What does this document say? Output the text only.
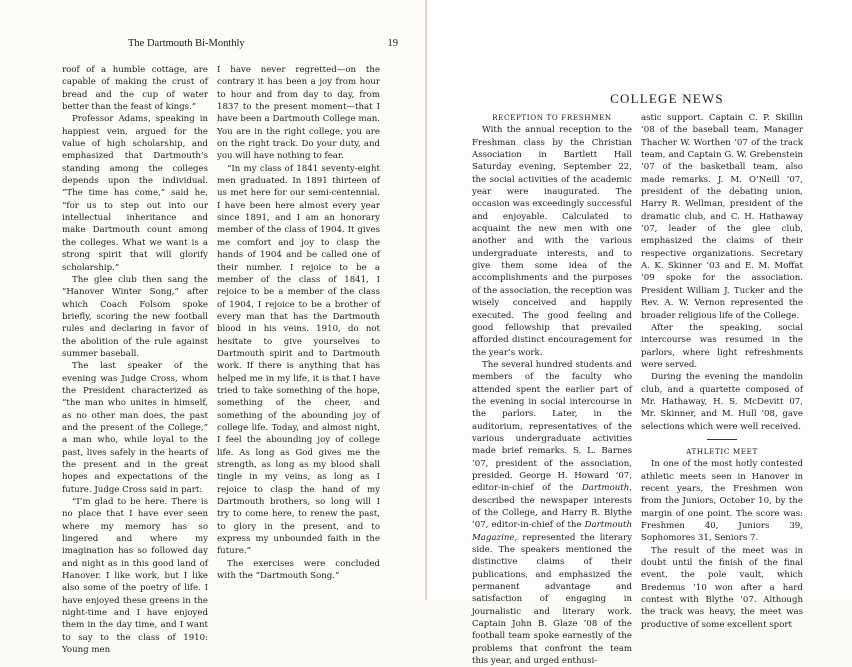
The Dartmouth Bi-Monthly	19

roof of a humble cottage, are capable of making the crust of bread and the cup of water better than the feast of kings.”

Professor Adams, speaking in happiest vein, argued for the value of high scholarship, and emphasized that Dartmouth’s standing among the colleges depends upon the individual. “The time has come,” said he, “for us to step out into our intellectual inheritance and make Dartmouth count among the colleges. What we want is a strong spirit that will glorify scholarship.”

The glee club then sang the “Hanover Winter Song,” after which Coach Folsom spoke briefly, scoring the new football rules and declaring in favor of the abolition of the rule against summer baseball.

The last speaker of the evening was Judge Cross, whom the President characterized as “the man who unites in himself, as no other man does, the past and the present of the College,” a man who, while loyal to the past, lives safely in the hearts of the present and in the great hopes and expectations of the future. Judge Cross said in part:

“I’m glad to be here. There is no place that I have ever seen where my memory has so lingered and where my imagination has so followed day and night as in this good land of Hanover. I like work, but I like also some of the poetry of life. I have enjoyed these greens in the night-time and I have enjoyed them in the day time, and I want to say to the class of 1910: Young men

I have never regretted—on the contrary it has been a joy from hour to hour and from day to day, from 1837 to the present moment—that I have been a Dartmouth College man. You are in the right college, you are on the right track. Do your duty, and you will have nothing to fear.

“In my class of 1841 seventy-eight men graduated. In 1891 thirteen of us met here for our semi-centennial. I have been here almost every year since 1891, and I am an honorary member of the class of 1904. It gives me comfort and joy to clasp the hands of 1904 and be called one of their number. I rejoice to be a member of the class of 1841, I rejoice to be a member of the class of 1904, I rejoice to be a brother of every man that has the Dartmouth blood in his veins. 1910, do not hesitate to give yourselves to Dartmouth spirit and to Dartmouth work. If there is anything that has helped me in my life, it is that I have tried to take something of the hope, something of the cheer, and something of the abounding joy of college life. Today, and almost night, I feel the abounding joy of college life. As long as God gives me the strength, as long as my blood shall tingle in my veins, as long as I rejoice to clasp the hand of my Dartmouth brothers, so long will I try to come here, to renew the past, to glory in the present, and to express my unbounded faith in the future.”

The exercises were concluded with the “Dartmouth Song.”

COLLEGE NEWS

RECEPTION TO FRESHMEN

With the annual reception to the Freshman class by the Christian Association in Bartlett Hall Saturday evening, September 22, the social activities of the academic year were inaugurated. The occasion was exceedingly successful and enjoyable. Calculated to acquaint the new men with one another and with the various undergraduate interests, and to give them some idea of the accomplishments and the purposes of the association, the reception was wisely conceived and happily executed. The good feeling and good fellowship that prevailed afforded distinct encouragement for the year’s work.

The several hundred students and members of the faculty who attended spent the earlier part of the evening in social intercourse in the parlors. Later, in the auditorium, representatives of the various undergraduate activities made brief remarks. S. L. Barnes ’07, president of the association, presided. George H. Howard ’07, editor-in-chief of the Dartmouth, described the newspaper interests of the College, and Harry R. Blythe ’07, editor-in-chief of the Dartmouth Magazine, represented the literary side. The speakers mentioned the distinctive claims of their publications, and emphasized the permanent advantage and satisfaction of engaging in journalistic and literary work. Captain John B. Glaze ’08 of the football team spoke earnestly of the problems that confront the team this year, and urged enthusi-

astic support. Captain C. P. Skillin ’08 of the baseball team, Manager Thacher W. Worthen ’07 of the track team, and Captain G. W. Grebenstein ’07 of the basketball team, also made remarks. J. M. O’Neill ’07, president of the debating union, Harry R. Wellman, president of the dramatic club, and C. H. Hathaway ’07, leader of the glee club, emphasized the claims of their respective organizations. Secretary A. K. Skinner ’03 and E. M. Moffat ’09 spoke for the association. President William J. Tucker and the Rev. A. W. Vernon represented the broader religious life of the College.

After the speaking, social intercourse was resumed in the parlors, where light refreshments were served.

During the evening the mandolin club, and a quartette composed of Mr. Hathaway, H. S. McDevitt 07, Mr. Skinner, and M. Hull ’08, gave selections which were well received.

ATHLETIC MEET

In one of the most hotly contested athletic meets seen in Hanover in recent years, the Freshmen won from the Juniors, October 10, by the margin of one point. The score was: Freshmen 40, Juniors 39, Sophomores 31, Seniors 7.

The result of the meet was in doubt until the finish of the final event, the pole vault, which Bredemus ’10 won after a hard contest with Blythe ’07. Although the track was heavy, the meet was productive of some excellent sport
